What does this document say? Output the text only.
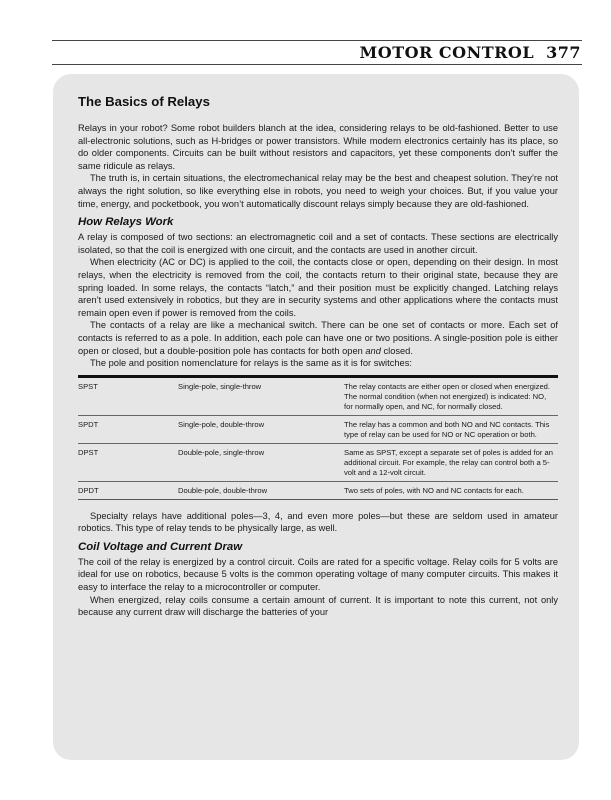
MOTOR CONTROL 377
The Basics of Relays

Relays in your robot? Some robot builders blanch at the idea, considering relays to be old-fashioned. Better to use all-electronic solutions, such as H-bridges or power transistors. While modern electronics certainly has its place, so do older components. Circuits can be built without resistors and capacitors, yet these components don’t suffer the same ridicule as relays.

The truth is, in certain situations, the electromechanical relay may be the best and cheapest solution. They’re not always the right solution, so like everything else in robots, you need to weigh your choices. But, if you value your time, energy, and pocketbook, you won’t automatically discount relays simply because they are old-fashioned.

How Relays Work

A relay is composed of two sections: an electromagnetic coil and a set of contacts. These sections are electrically isolated, so that the coil is energized with one circuit, and the contacts are used in another circuit.

When electricity (AC or DC) is applied to the coil, the contacts close or open, depending on their design. In most relays, when the electricity is removed from the coil, the contacts return to their original state, because they are spring loaded. In some relays, the contacts “latch,” and their position must be explicitly changed. Latching relays aren’t used extensively in robotics, but they are in security systems and other applications where the contacts must remain open even if power is removed from the coils.

The contacts of a relay are like a mechanical switch. There can be one set of contacts or more. Each set of contacts is referred to as a pole. In addition, each pole can have one or two positions. A single-position pole is either open or closed, but a double-position pole has contacts for both open and closed.

The pole and position nomenclature for relays is the same as it is for switches:

SPST	Single-pole, single-throw	The relay contacts are either open or closed when energized. The normal condition (when not energized) is indicated: NO, for normally open, and NC, for normally closed.
SPDT	Single-pole, double-throw	The relay has a common and both NO and NC contacts. This type of relay can be used for NO or NC operation or both.
DPST	Double-pole, single-throw	Same as SPST, except a separate set of poles is added for an additional circuit. For example, the relay can control both a 5-volt and a 12-volt circuit.
DPDT	Double-pole, double-throw	Two sets of poles, with NO and NC contacts for each.

Specialty relays have additional poles—3, 4, and even more poles—but these are seldom used in amateur robotics. This type of relay tends to be physically large, as well.

Coil Voltage and Current Draw

The coil of the relay is energized by a control circuit. Coils are rated for a specific voltage. Relay coils for 5 volts are ideal for use on robotics, because 5 volts is the common operating voltage of many computer circuits. This makes it easy to interface the relay to a microcontroller or computer.

When energized, relay coils consume a certain amount of current. It is important to note this current, not only because any current draw will discharge the batteries of your
